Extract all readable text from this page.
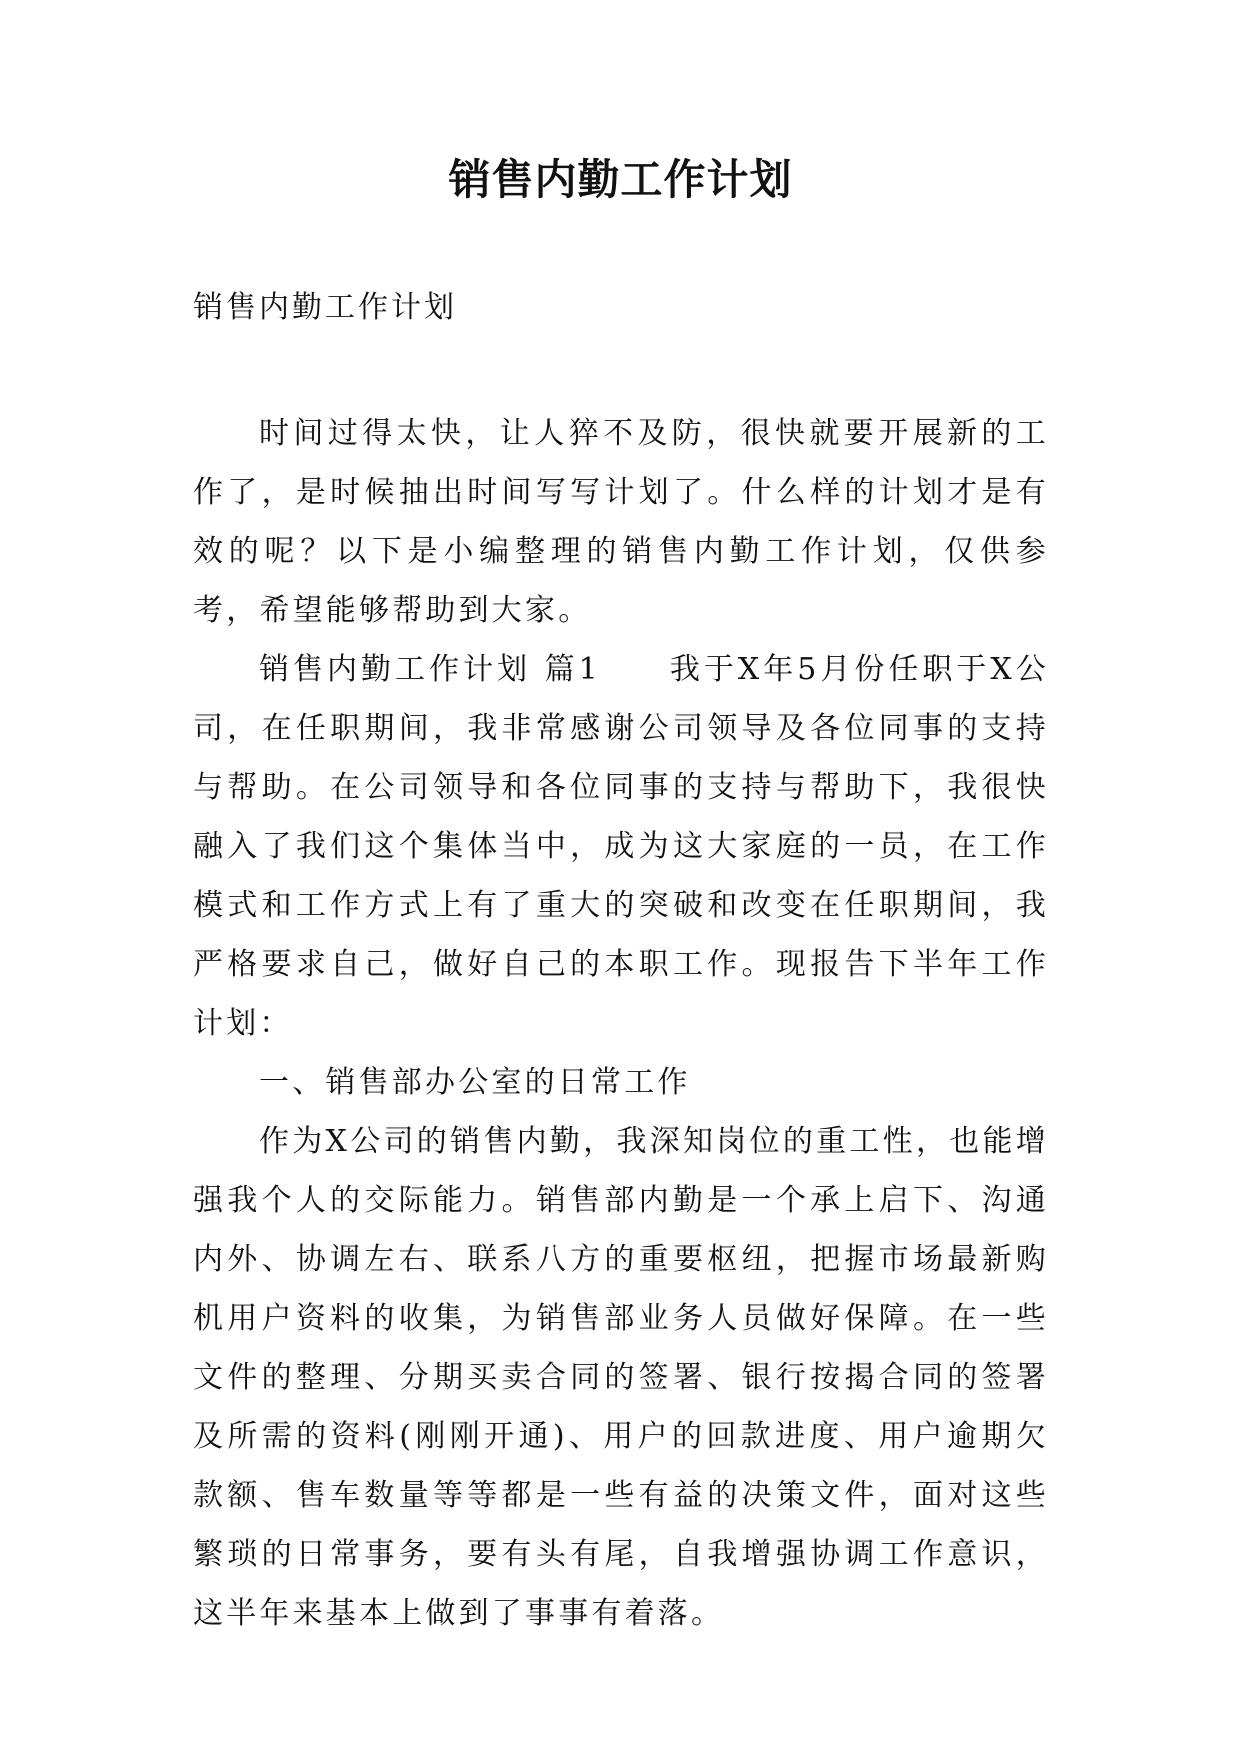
销售内勤工作计划
销售内勤工作计划

时间过得太快，让人猝不及防，很快就要开展新的工作了，是时候抽出时间写写计划了。什么样的计划才是有效的呢？以下是小编整理的销售内勤工作计划，仅供参考，希望能够帮助到大家。

销售内勤工作计划 篇1　　我于X年5月份任职于X公司，在任职期间，我非常感谢公司领导及各位同事的支持与帮助。在公司领导和各位同事的支持与帮助下，我很快融入了我们这个集体当中，成为这大家庭的一员，在工作模式和工作方式上有了重大的突破和改变在任职期间，我严格要求自己，做好自己的本职工作。现报告下半年工作计划：

一、销售部办公室的日常工作

作为X公司的销售内勤，我深知岗位的重工性，也能增强我个人的交际能力。销售部内勤是一个承上启下、沟通内外、协调左右、联系八方的重要枢纽，把握市场最新购机用户资料的收集，为销售部业务人员做好保障。在一些文件的整理、分期买卖合同的签署、银行按揭合同的签署及所需的资料(刚刚开通)、用户的回款进度、用户逾期欠款额、售车数量等等都是一些有益的决策文件，面对这些繁琐的日常事务，要有头有尾，自我增强协调工作意识，这半年来基本上做到了事事有着落。
